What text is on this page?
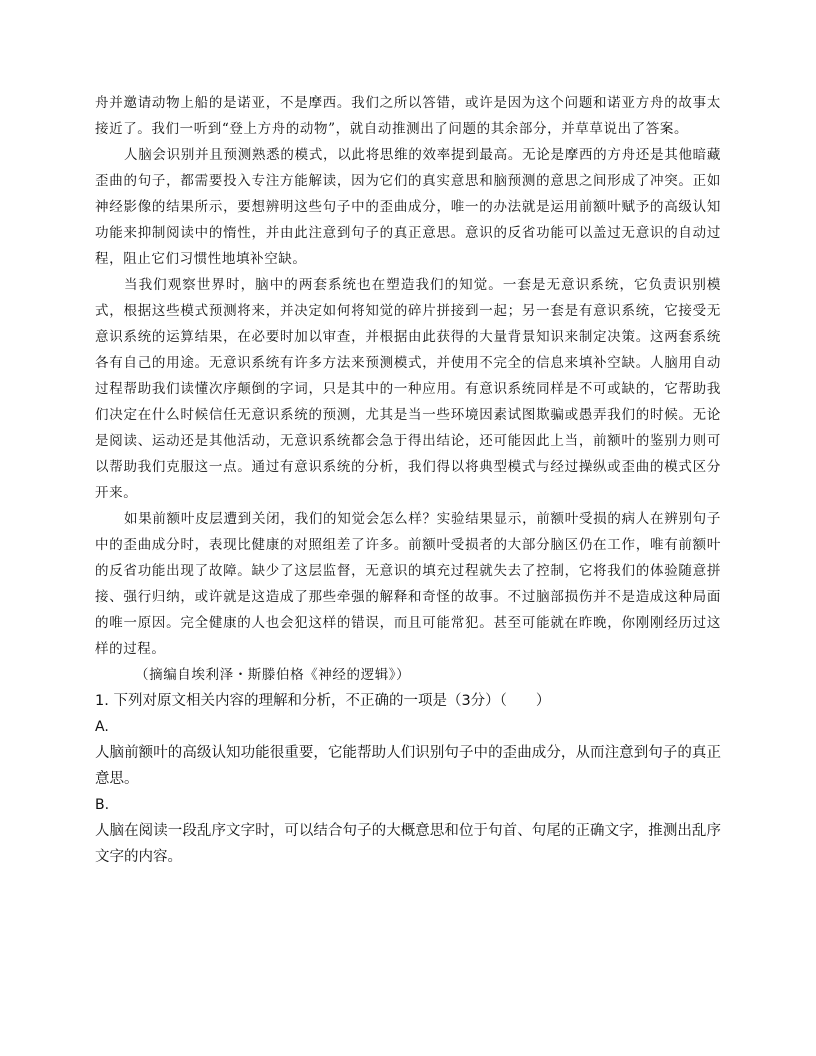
舟并邀请动物上船的是诺亚，不是摩西。我们之所以答错，或许是因为这个问题和诺亚方舟的故事太接近了。我们一听到“登上方舟的动物”，就自动推测出了问题的其余部分，并草草说出了答案。

人脑会识别并且预测熟悉的模式，以此将思维的效率提到最高。无论是摩西的方舟还是其他暗藏歪曲的句子，都需要投入专注方能解读，因为它们的真实意思和脑预测的意思之间形成了冲突。正如神经影像的结果所示，要想辨明这些句子中的歪曲成分，唯一的办法就是运用前额叶赋予的高级认知功能来抑制阅读中的惰性，并由此注意到句子的真正意思。意识的反省功能可以盖过无意识的自动过程，阻止它们习惯性地填补空缺。

当我们观察世界时，脑中的两套系统也在塑造我们的知觉。一套是无意识系统，它负责识别模式，根据这些模式预测将来，并决定如何将知觉的碎片拼接到一起；另一套是有意识系统，它接受无意识系统的运算结果，在必要时加以审查，并根据由此获得的大量背景知识来制定决策。这两套系统各有自己的用途。无意识系统有许多方法来预测模式，并使用不完全的信息来填补空缺。人脑用自动过程帮助我们读懂次序颠倒的字词，只是其中的一种应用。有意识系统同样是不可或缺的，它帮助我们决定在什么时候信任无意识系统的预测，尤其是当一些环境因素试图欺骗或愚弄我们的时候。无论是阅读、运动还是其他活动，无意识系统都会急于得出结论，还可能因此上当，前额叶的鉴别力则可以帮助我们克服这一点。通过有意识系统的分析，我们得以将典型模式与经过操纵或歪曲的模式区分开来。

如果前额叶皮层遭到关闭，我们的知觉会怎么样？实验结果显示，前额叶受损的病人在辨别句子中的歪曲成分时，表现比健康的对照组差了许多。前额叶受损者的大部分脑区仍在工作，唯有前额叶的反省功能出现了故障。缺少了这层监督，无意识的填充过程就失去了控制，它将我们的体验随意拼接、强行归纳，或许就是这造成了那些牵强的解释和奇怪的故事。不过脑部损伤并不是造成这种局面的唯一原因。完全健康的人也会犯这样的错误，而且可能常犯。甚至可能就在昨晚，你刚刚经历过这样的过程。

（摘编自埃利泽・斯滕伯格《神经的逻辑》）

1. 下列对原文相关内容的理解和分析，不正确的一项是（3分）（　　）

A.

人脑前额叶的高级认知功能很重要，它能帮助人们识别句子中的歪曲成分，从而注意到句子的真正意思。

B.

人脑在阅读一段乱序文字时，可以结合句子的大概意思和位于句首、句尾的正确文字，推测出乱序文字的内容。
